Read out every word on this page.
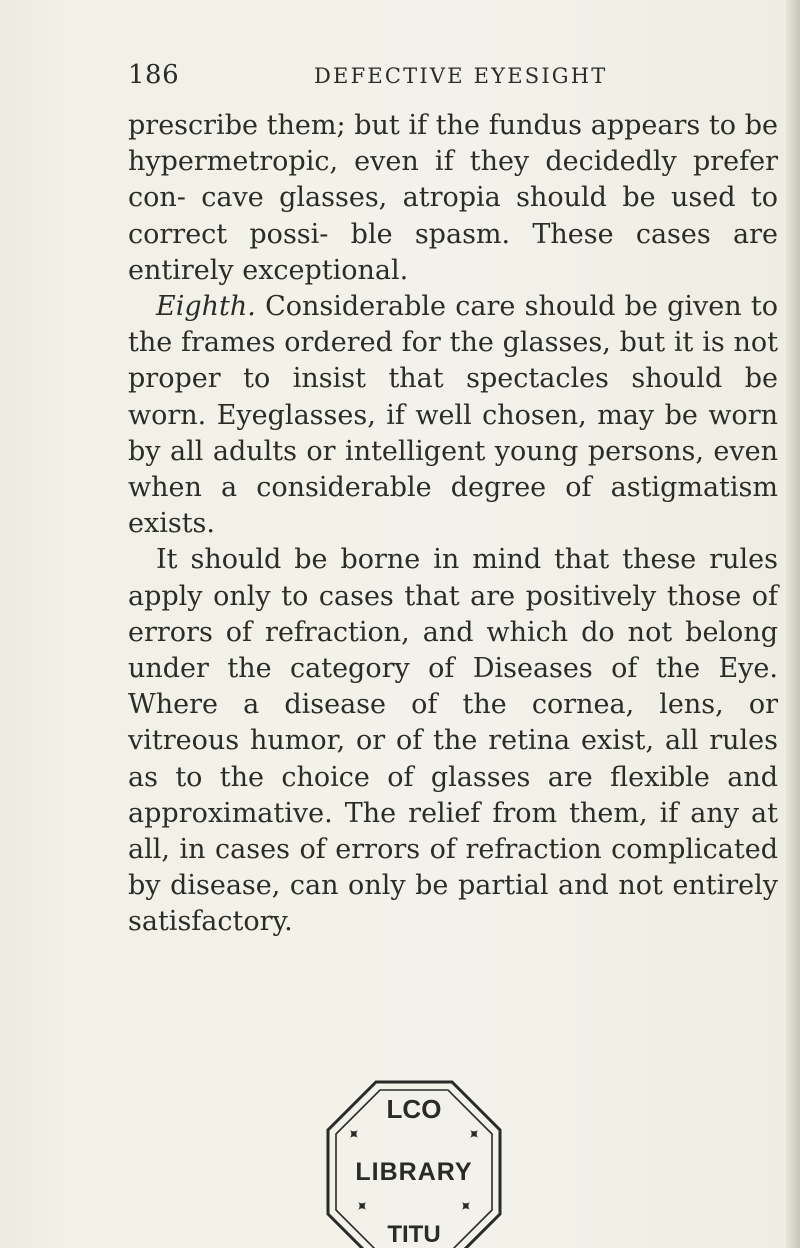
186	DEFECTIVE EYESIGHT

prescribe them; but if the fundus appears to be hypermetropic, even if they decidedly prefer con- cave glasses, atropia should be used to correct possi- ble spasm. These cases are entirely exceptional.

Eighth. Considerable care should be given to the frames ordered for the glasses, but it is not proper to insist that spectacles should be worn. Eyeglasses, if well chosen, may be worn by all adults or intelligent young persons, even when a considerable degree of astigmatism exists.

It should be borne in mind that these rules apply only to cases that are positively those of errors of refraction, and which do not belong under the category of Diseases of the Eye. Where a disease of the cornea, lens, or vitreous humor, or of the retina exist, all rules as to the choice of glasses are flexible and approximative. The relief from them, if any at all, in cases of errors of refraction complicated by disease, can only be partial and not entirely satisfactory.

LCO
✦	✦
✦	✦
LIBRARY
TITU
